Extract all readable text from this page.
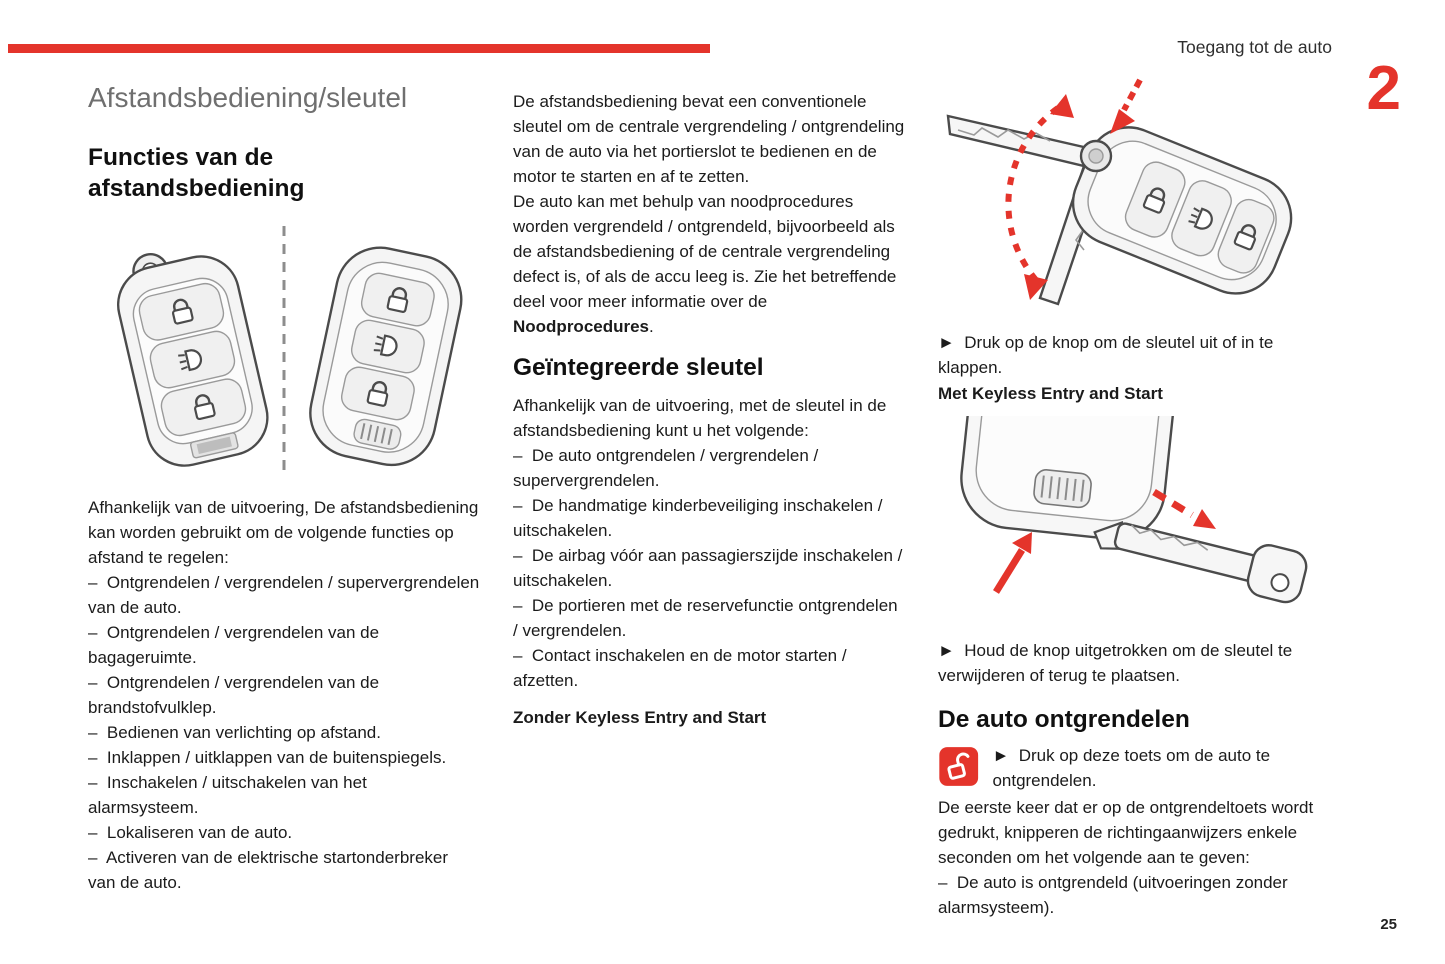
Toegang tot de auto
2
Afstandsbediening/sleutel
Functies van de afstandsbediening

Afhankelijk van de uitvoering, De afstandsbediening kan worden gebruikt om de volgende functies op afstand te regelen:

–  Ontgrendelen / vergrendelen / supervergrendelen van de auto.

–  Ontgrendelen / vergrendelen van de bagageruimte.

–  Ontgrendelen / vergrendelen van de brandstofvulklep.

–  Bedienen van verlichting op afstand.

–  Inklappen / uitklappen van de buitenspiegels.

–  Inschakelen / uitschakelen van het alarmsysteem.

–  Lokaliseren van de auto.

–  Activeren van de elektrische startonderbreker van de auto.

De afstandsbediening bevat een conventionele sleutel om de centrale vergrendeling / ontgrendeling van de auto via het portierslot te bedienen en de motor te starten en af te zetten.

De auto kan met behulp van noodprocedures worden vergrendeld / ontgrendeld, bijvoorbeeld als de afstandsbediening of de centrale vergrendeling defect is, of als de accu leeg is. Zie het betreffende deel voor meer informatie over de Noodprocedures.

Geïntegreerde sleutel

Afhankelijk van de uitvoering, met de sleutel in de afstandsbediening kunt u het volgende:

–  De auto ontgrendelen / vergrendelen / supervergrendelen.

–  De handmatige kinderbeveiliging inschakelen / uitschakelen.

–  De airbag vóór aan passagierszijde inschakelen / uitschakelen.

–  De portieren met de reservefunctie ontgrendelen / vergrendelen.

–  Contact inschakelen en de motor starten / afzetten.

Zonder Keyless Entry and Start

►  Druk op de knop om de sleutel uit of in te klappen.

Met Keyless Entry and Start

►  Houd de knop uitgetrokken om de sleutel te verwijderen of terug te plaatsen.

De auto ontgrendelen

►  Druk op deze toets om de auto te ontgrendelen.

De eerste keer dat er op de ontgrendeltoets wordt gedrukt, knipperen de richtingaanwijzers enkele seconden om het volgende aan te geven:

–  De auto is ontgrendeld (uitvoeringen zonder alarmsysteem).

25
